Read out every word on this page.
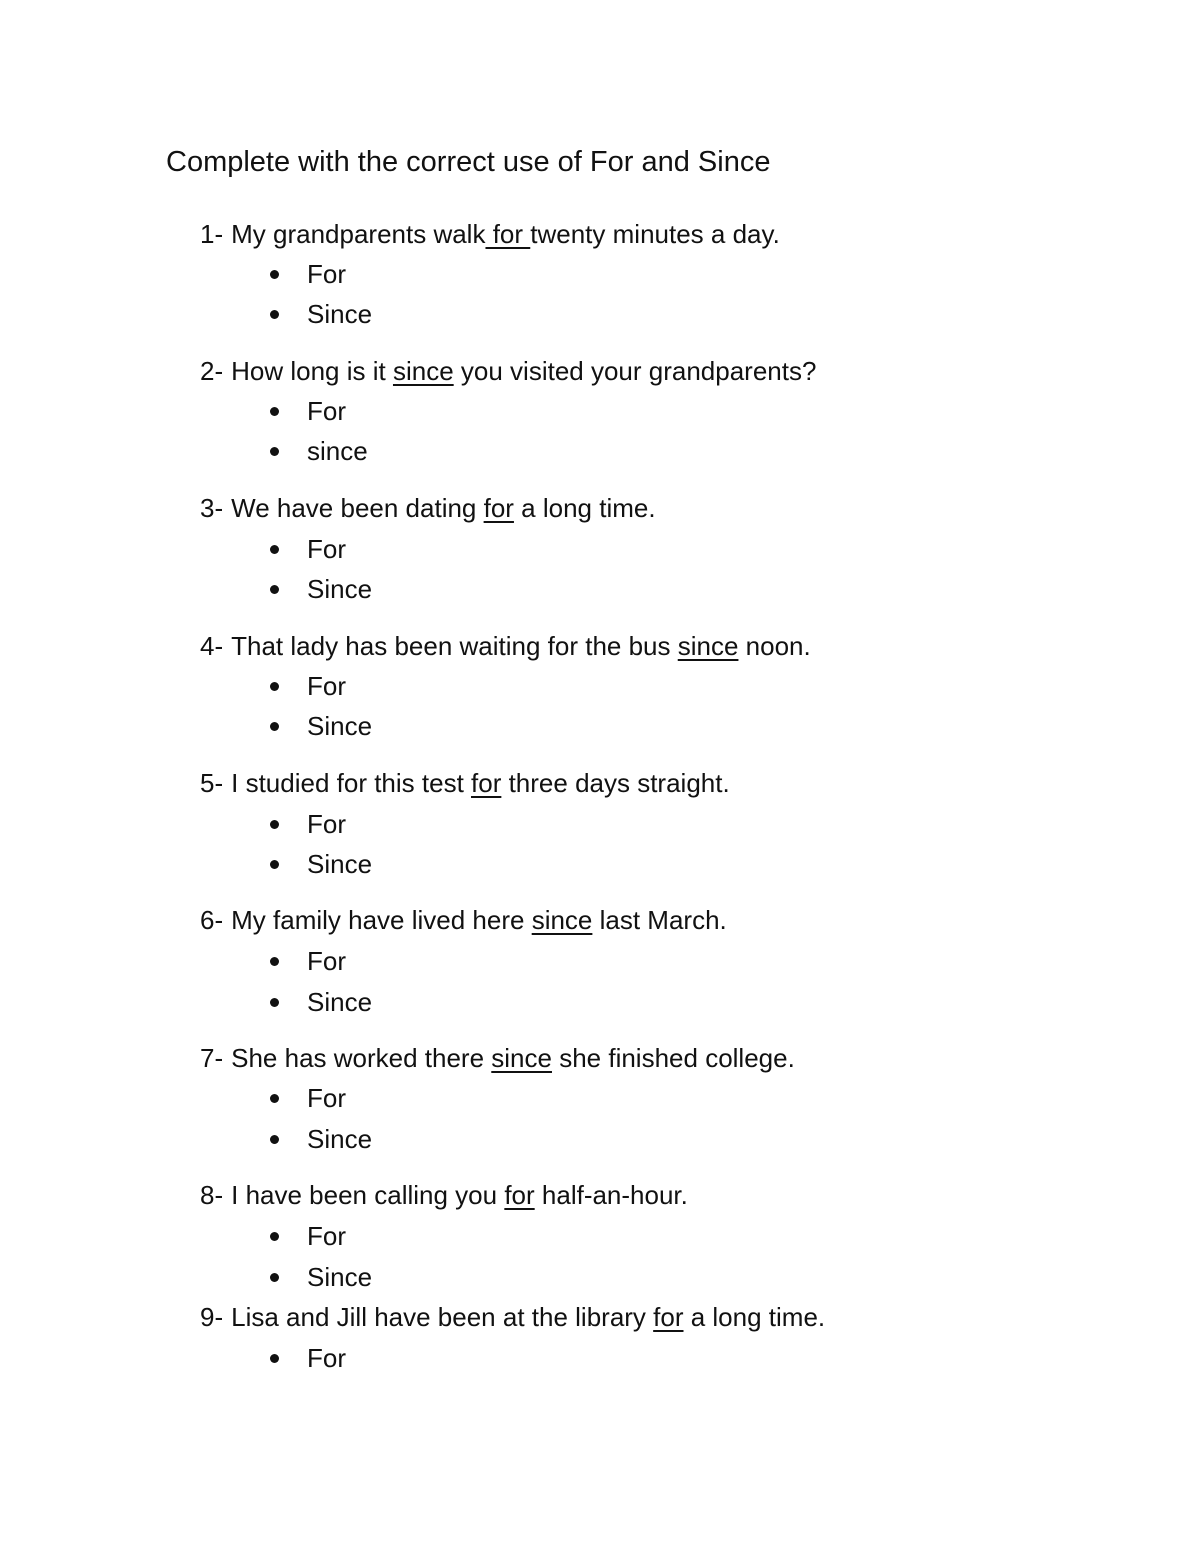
Complete with the correct use of For and Since
1- My grandparents walk for twenty minutes a day.
For
Since
2- How long is it since you visited your grandparents?
For
since
3- We have been dating for a long time.
For
Since
4- That lady has been waiting for the bus since noon.
For
Since
5- I studied for this test for three days straight.
For
Since
6- My family have lived here since last March.
For
Since
7- She has worked there since she finished college.
For
Since
8- I have been calling you for half-an-hour.
For
Since
9- Lisa and Jill have been at the library for a long time.
For
